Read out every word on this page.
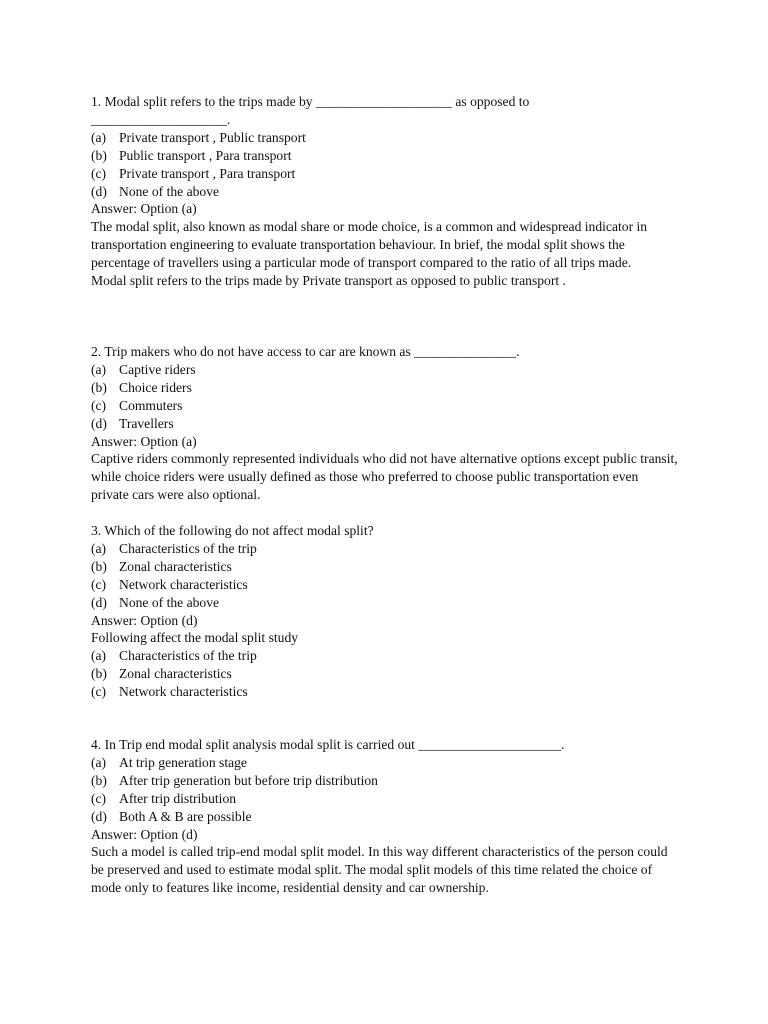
1. Modal split refers to the trips made by ____________________ as opposed to
____________________.
(a) Private transport , Public transport
(b) Public transport , Para transport
(c) Private transport , Para transport
(d) None of the above
Answer: Option (a)
The modal split, also known as modal share or mode choice, is a common and widespread indicator in transportation engineering to evaluate transportation behaviour. In brief, the modal split shows the percentage of travellers using a particular mode of transport compared to the ratio of all trips made.
Modal split refers to the trips made by Private transport as opposed to public transport .
2. Trip makers who do not have access to car are known as _______________.
(a) Captive riders
(b) Choice riders
(c) Commuters
(d) Travellers
Answer: Option (a)
Captive riders commonly represented individuals who did not have alternative options except public transit, while choice riders were usually defined as those who preferred to choose public transportation even private cars were also optional.
3. Which of the following do not affect modal split?
(a) Characteristics of the trip
(b) Zonal characteristics
(c) Network characteristics
(d) None of the above
Answer: Option (d)
Following affect the modal split study
(a) Characteristics of the trip
(b) Zonal characteristics
(c) Network characteristics
4. In Trip end modal split analysis modal split is carried out _____________________.
(a) At trip generation stage
(b) After trip generation but before trip distribution
(c) After trip distribution
(d) Both A & B are possible
Answer: Option (d)
Such a model is called trip-end modal split model. In this way different characteristics of the person could be preserved and used to estimate modal split. The modal split models of this time related the choice of mode only to features like income, residential density and car ownership.
